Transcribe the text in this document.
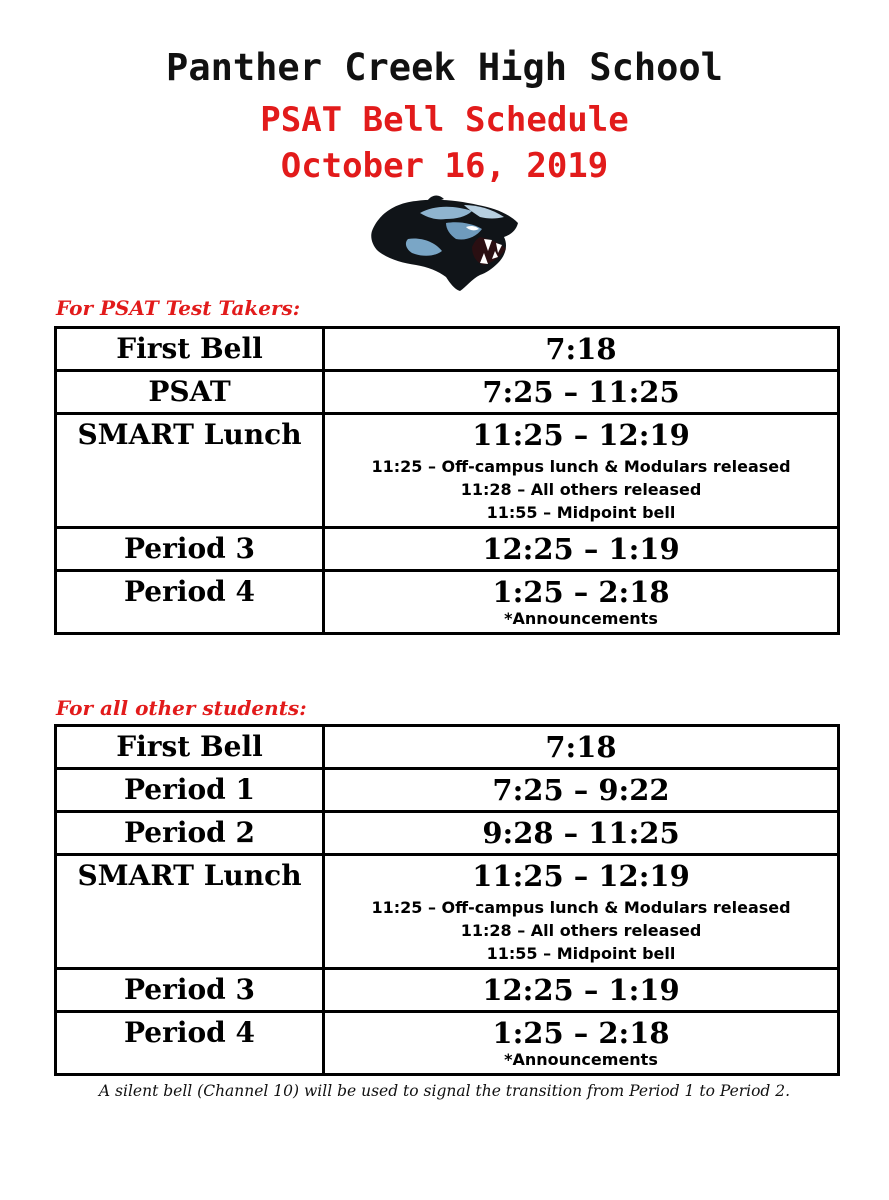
Panther Creek High School
PSAT Bell Schedule
October 16, 2019
For PSAT Test Takers:
First Bell	7:18

PSAT	7:25 – 11:25

SMART Lunch	11:25 – 12:19
11:25 – Off-campus lunch & Modulars released
11:28 – All others released
11:55 – Midpoint bell

Period 3	12:25 – 1:19

Period 4	1:25 – 2:18
*Announcements
For all other students:
First Bell	7:18

Period 1	7:25 – 9:22

Period 2	9:28 – 11:25

SMART Lunch	11:25 – 12:19
11:25 – Off-campus lunch & Modulars released
11:28 – All others released
11:55 – Midpoint bell

Period 3	12:25 – 1:19

Period 4	1:25 – 2:18
*Announcements
A silent bell (Channel 10) will be used to signal the transition from Period 1 to Period 2.
